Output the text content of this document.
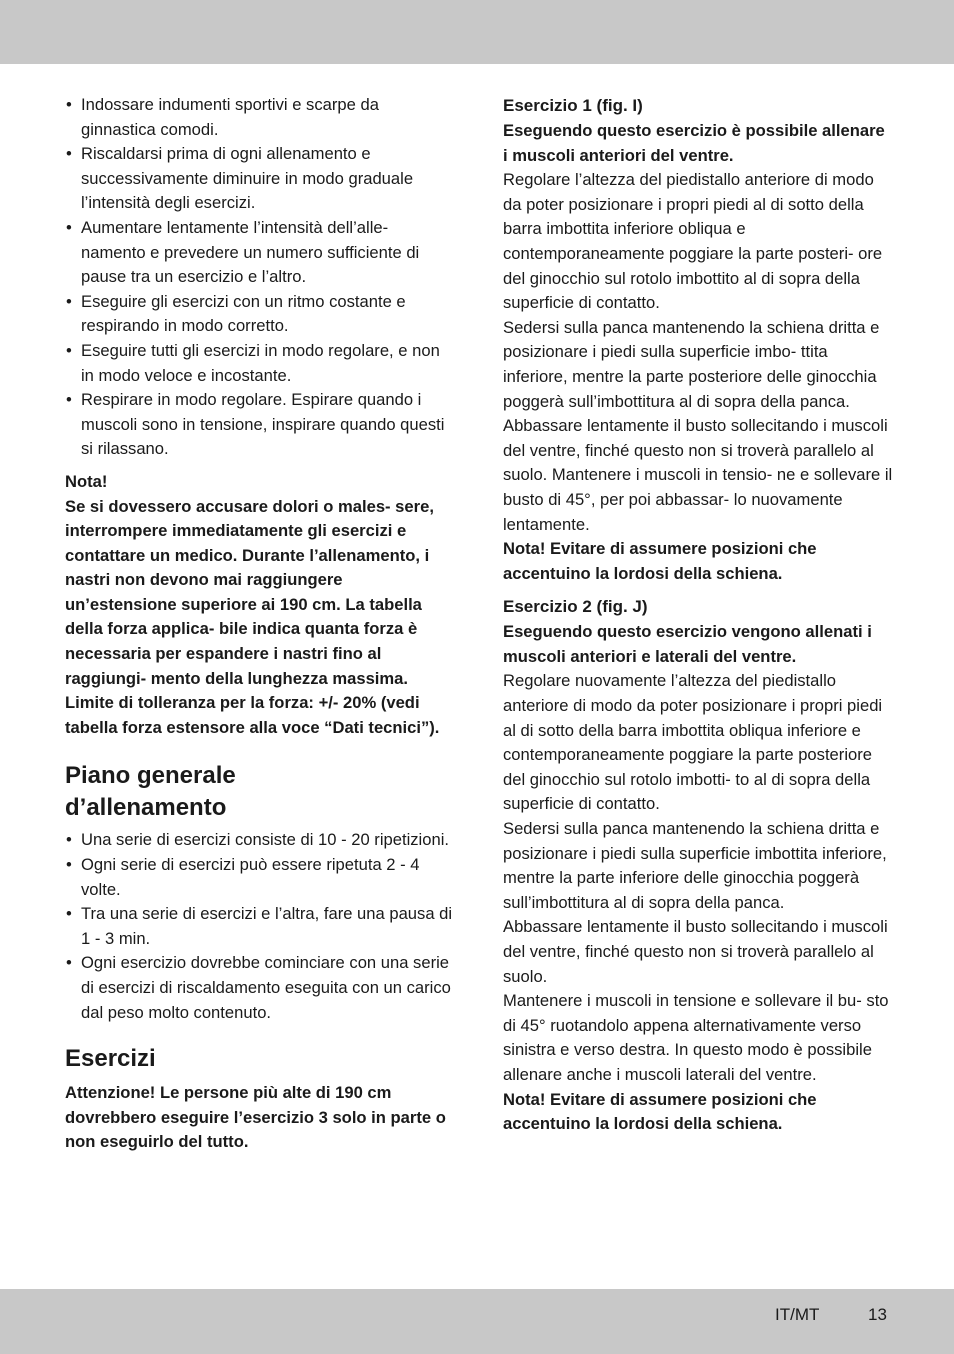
• Indossare indumenti sportivi e scarpe da ginnastica comodi.
• Riscaldarsi prima di ogni allenamento e successivamente diminuire in modo graduale l’intensità degli esercizi.
• Aumentare lentamente l’intensità dell’alle- namento e prevedere un numero sufficiente di pause tra un esercizio e l’altro.
• Eseguire gli esercizi con un ritmo costante e respirando in modo corretto.
• Eseguire tutti gli esercizi in modo regolare, e non in modo veloce e incostante.
• Respirare in modo regolare. Espirare quando i muscoli sono in tensione, inspirare quando questi si rilassano.

Nota!

Se si dovessero accusare dolori o males- sere, interrompere immediatamente gli esercizi e contattare un medico. Durante l’allenamento, i nastri non devono mai raggiungere un’estensione superiore ai 190 cm. La tabella della forza applica- bile indica quanta forza è necessaria per espandere i nastri fino al raggiungi- mento della lunghezza massima. Limite di tolleranza per la forza: +/- 20% (vedi tabella forza estensore alla voce “Dati tecnici”).

Piano generale
d’allenamento
• Una serie di esercizi consiste di 10 - 20 ripetizioni.
• Ogni serie di esercizi può essere ripetuta 2 - 4 volte.
• Tra una serie di esercizi e l’altra, fare una pausa di 1 - 3 min.
• Ogni esercizio dovrebbe cominciare con una serie di esercizi di riscaldamento eseguita con un carico dal peso molto contenuto.
Esercizi

Attenzione! Le persone più alte di 190 cm dovrebbero eseguire l’esercizio 3 solo in parte o non eseguirlo del tutto.

Esercizio 1 (fig. I)

Eseguendo questo esercizio è possibile allenare i muscoli anteriori del ventre.

Regolare l’altezza del piedistallo anteriore di modo da poter posizionare i propri piedi al di sotto della barra imbottita inferiore obliqua e contemporaneamente poggiare la parte posteri- ore del ginocchio sul rotolo imbottito al di sopra della superficie di contatto.

Sedersi sulla panca mantenendo la schiena dritta e posizionare i piedi sulla superficie imbo- ttita inferiore, mentre la parte posteriore delle ginocchia poggerà sull’imbottitura al di sopra della panca.

Abbassare lentamente il busto sollecitando i muscoli del ventre, finché questo non si troverà parallelo al suolo. Mantenere i muscoli in tensio- ne e sollevare il busto di 45°, per poi abbassar- lo nuovamente lentamente.

Nota! Evitare di assumere posizioni che accentuino la lordosi della schiena.

Esercizio 2 (fig. J)

Eseguendo questo esercizio vengono allenati i muscoli anteriori e laterali del ventre.

Regolare nuovamente l’altezza del piedistallo anteriore di modo da poter posizionare i propri piedi al di sotto della barra imbottita obliqua inferiore e contemporaneamente poggiare la parte posteriore del ginocchio sul rotolo imbotti- to al di sopra della superficie di contatto.

Sedersi sulla panca mantenendo la schiena dritta e posizionare i piedi sulla superficie imbottita inferiore, mentre la parte inferiore delle ginocchia poggerà sull’imbottitura al di sopra della panca.

Abbassare lentamente il busto sollecitando i muscoli del ventre, finché questo non si troverà parallelo al suolo.

Mantenere i muscoli in tensione e sollevare il bu- sto di 45° ruotandolo appena alternativamente verso sinistra e verso destra. In questo modo è possibile allenare anche i muscoli laterali del ventre.

Nota! Evitare di assumere posizioni che accentuino la lordosi della schiena.

IT/MT	13
